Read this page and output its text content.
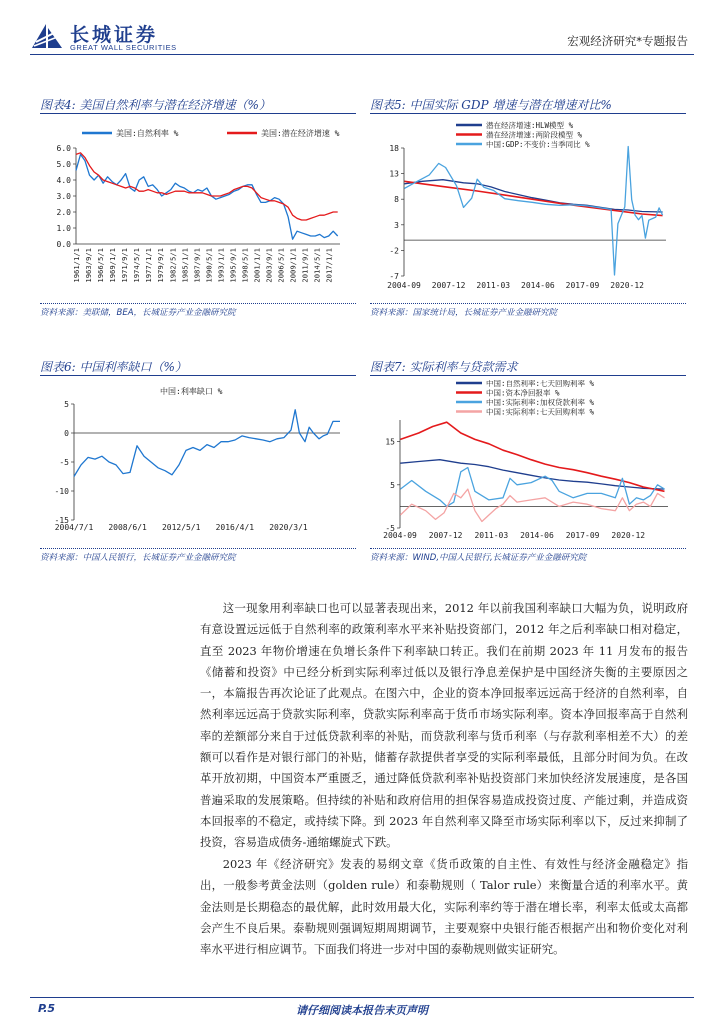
长城证券
GREAT WALL SECURITIES	宏观经济研究*专题报告
图表4: 美国自然利率与潜在经济增速（%）
6.0
5.0
4.0
3.0
2.0
1.0
0.0
1961/1/1 1963/9/1 1966/5/1 1969/1/1 1971/9/1 1974/5/1 1977/1/1 1979/9/1 1982/5/1 1985/1/1 1987/9/1 1990/5/1 1993/1/1 1995/9/1 1998/5/1 2001/1/1 2003/9/1 2006/5/1 2009/1/1 2011/9/1 2014/5/1 2017/1/1
美国:自然利率 %	美国:潜在经济增速 %
资料来源：美联储，BEA，长城证券产业金融研究院
图表5: 中国实际 GDP 增速与潜在增速对比%
18
13
8
3
-2
-7
2004-09 2007-12 2011-03 2014-06 2017-09 2020-12
潜在经济增速:HLW模型 %
潜在经济增速:两阶段模型 %
中国:GDP:不变价:当季同比 %
资料来源：国家统计局，长城证券产业金融研究院
图表6: 中国利率缺口（%）
5
0
-5
-10
-15
2004/7/1 2008/6/1 2012/5/1 2016/4/1 2020/3/1
中国:利率缺口 %
资料来源：中国人民银行，长城证券产业金融研究院
图表7: 实际利率与贷款需求
15
5
-5
2004-09 2007-12 2011-03 2014-06 2017-09 2020-12
中国:自然利率:七天回购利率 %
中国:资本净回报率 %
中国:实际利率:加权贷款利率 %
中国:实际利率:七天回购利率 %
资料来源：WIND,中国人民银行,长城证券产业金融研究院
这一现象用利率缺口也可以显著表现出来，2012 年以前我国利率缺口大幅为负，说明政府有意设置远远低于自然利率的政策利率水平来补贴投资部门，2012 年之后利率缺口相对稳定，直至 2023 年物价增速在负增长条件下利率缺口转正。我们在前期 2023 年 11 月发布的报告《储蓄和投资》中已经分析到实际利率过低以及银行净息差保护是中国经济失衡的主要原因之一，本篇报告再次论证了此观点。在图六中，企业的资本净回报率远远高于经济的自然利率，自然利率远远高于贷款实际利率，贷款实际利率高于货币市场实际利率。资本净回报率高于自然利率的差额部分来自于过低贷款利率的补贴，而贷款利率与货币利率（与存款利率相差不大）的差额可以看作是对银行部门的补贴，储蓄存款提供者享受的实际利率最低，且部分时间为负。在改革开放初期，中国资本严重匮乏，通过降低贷款利率补贴投资部门来加快经济发展速度，是各国普遍采取的发展策略。但持续的补贴和政府信用的担保容易造成投资过度、产能过剩，并造成资本回报率的不稳定，或持续下降。到 2023 年自然利率又降至市场实际利率以下，反过来抑制了投资，容易造成债务-通缩螺旋式下跌。
2023 年《经济研究》发表的易纲文章《货币政策的自主性、有效性与经济金融稳定》指出，一般参考黄金法则（golden rule）和泰勒规则（ Talor rule）来衡量合适的利率水平。黄金法则是长期稳态的最优解，此时效用最大化，实际利率约等于潜在增长率，利率太低或太高都会产生不良后果。泰勒规则强调短期周期调节，主要观察中央银行能否根据产出和物价变化对利率水平进行相应调节。下面我们将进一步对中国的泰勒规则做实证研究。
P.5	请仔细阅读本报告末页声明
